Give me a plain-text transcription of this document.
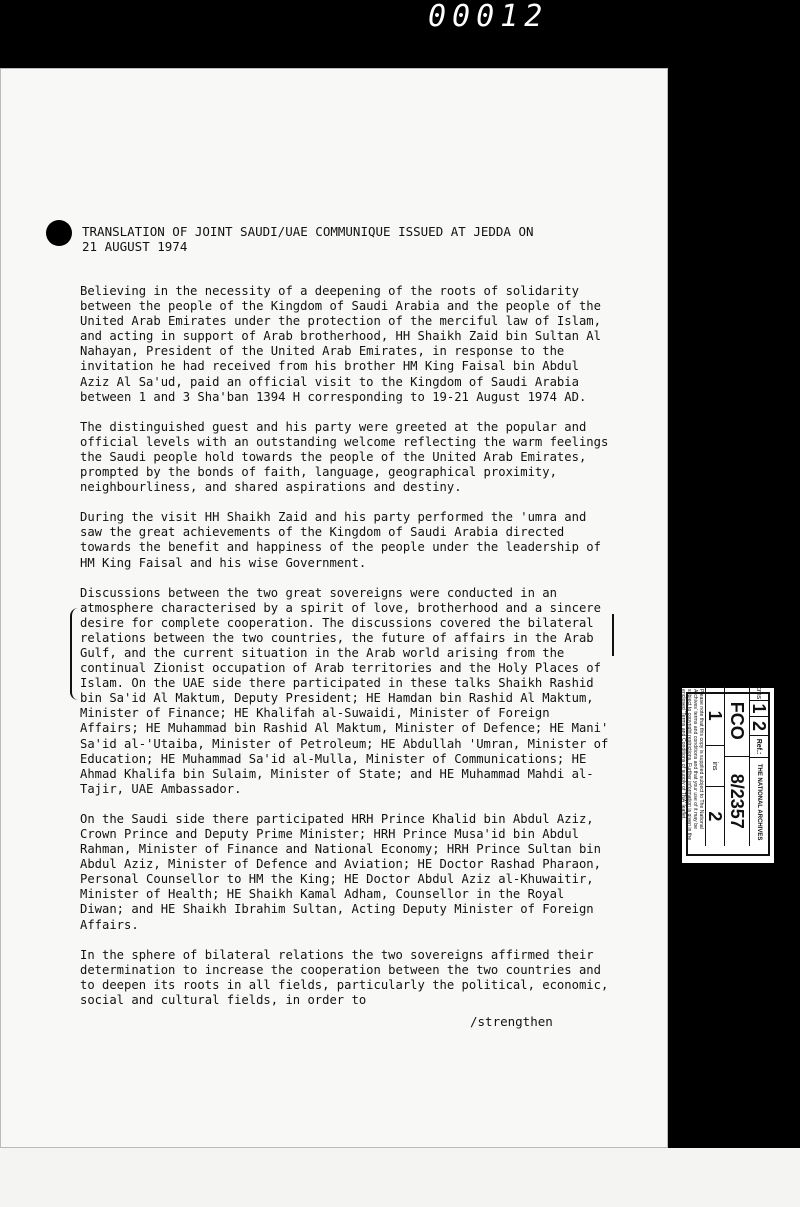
00012
TRANSLATION OF JOINT SAUDI/UAE COMMUNIQUE ISSUED AT JEDDA ON
21 AUGUST 1974

Believing in the necessity of a deepening of the roots of solidarity between the people of the Kingdom of Saudi Arabia and the people of the United Arab Emirates under the protection of the merciful law of Islam, and acting in support of Arab brotherhood, HH Shaikh Zaid bin Sultan Al Nahayan, President of the United Arab Emirates, in response to the invitation he had received from his brother HM King Faisal bin Abdul Aziz Al Sa'ud, paid an official visit to the Kingdom of Saudi Arabia between 1 and 3 Sha'ban 1394 H corresponding to 19-21 August 1974 AD.

The distinguished guest and his party were greeted at the popular and official levels with an outstanding welcome reflecting the warm feelings the Saudi people hold towards the people of the United Arab Emirates, prompted by the bonds of faith, language, geographical proximity, neighbourliness, and shared aspirations and destiny.

During the visit HH Shaikh Zaid and his party performed the 'umra and saw the great achievements of the Kingdom of Saudi Arabia directed towards the benefit and happiness of the people under the leadership of HM King Faisal and his wise Government.

Discussions between the two great sovereigns were conducted in an atmosphere characterised by a spirit of love, brotherhood and a sincere desire for complete cooperation. The discussions covered the bilateral relations between the two countries, the future of affairs in the Arab Gulf, and the current situation in the Arab world arising from the continual Zionist occupation of Arab territories and the Holy Places of Islam. On the UAE side there participated in these talks Shaikh Rashid bin Sa'id Al Maktum, Deputy President; HE Hamdan bin Rashid Al Maktum, Minister of Finance; HE Khalifah al-Suwaidi, Minister of Foreign Affairs; HE Muhammad bin Rashid Al Maktum, Minister of Defence; HE Mani' Sa'id al-'Utaiba, Minister of Petroleum; HE Abdullah 'Umran, Minister of Education; HE Muhammad Sa'id al-Mulla, Minister of Communications; HE Ahmad Khalifa bin Sulaim, Minister of State; and HE Muhammad Mahdi al-Tajir, UAE Ambassador.

On the Saudi side there participated HRH Prince Khalid bin Abdul Aziz, Crown Prince and Deputy Prime Minister; HRH Prince Musa'id bin Abdul Rahman, Minister of Finance and National Economy; HRH Prince Sultan bin Abdul Aziz, Minister of Defence and Aviation; HE Doctor Rashad Pharaon, Personal Counsellor to HM the King; HE Doctor Abdul Aziz al-Khuwaitir, Minister of Health; HE Shaikh Kamal Adham, Counsellor in the Royal Diwan; and HE Shaikh Ibrahim Sultan, Acting Deputy Minister of Foreign Affairs.

In the sphere of bilateral relations the two sovereigns affirmed their determination to increase the cooperation between the two countries and to deepen its roots in all fields, particularly the political, economic, social and cultural fields, in order to

/strengthen
cms
1
2
Ref.:
THE NATIONAL ARCHIVES
FCO
8/2357
1
ins
2
Please note that this copy is supplied subject to The National Archives' terms and conditions and that your use of it may be subject to copyright restrictions. Further information is given in the enclosed 'Terms and Conditions of supply of TNA' leaflet.
